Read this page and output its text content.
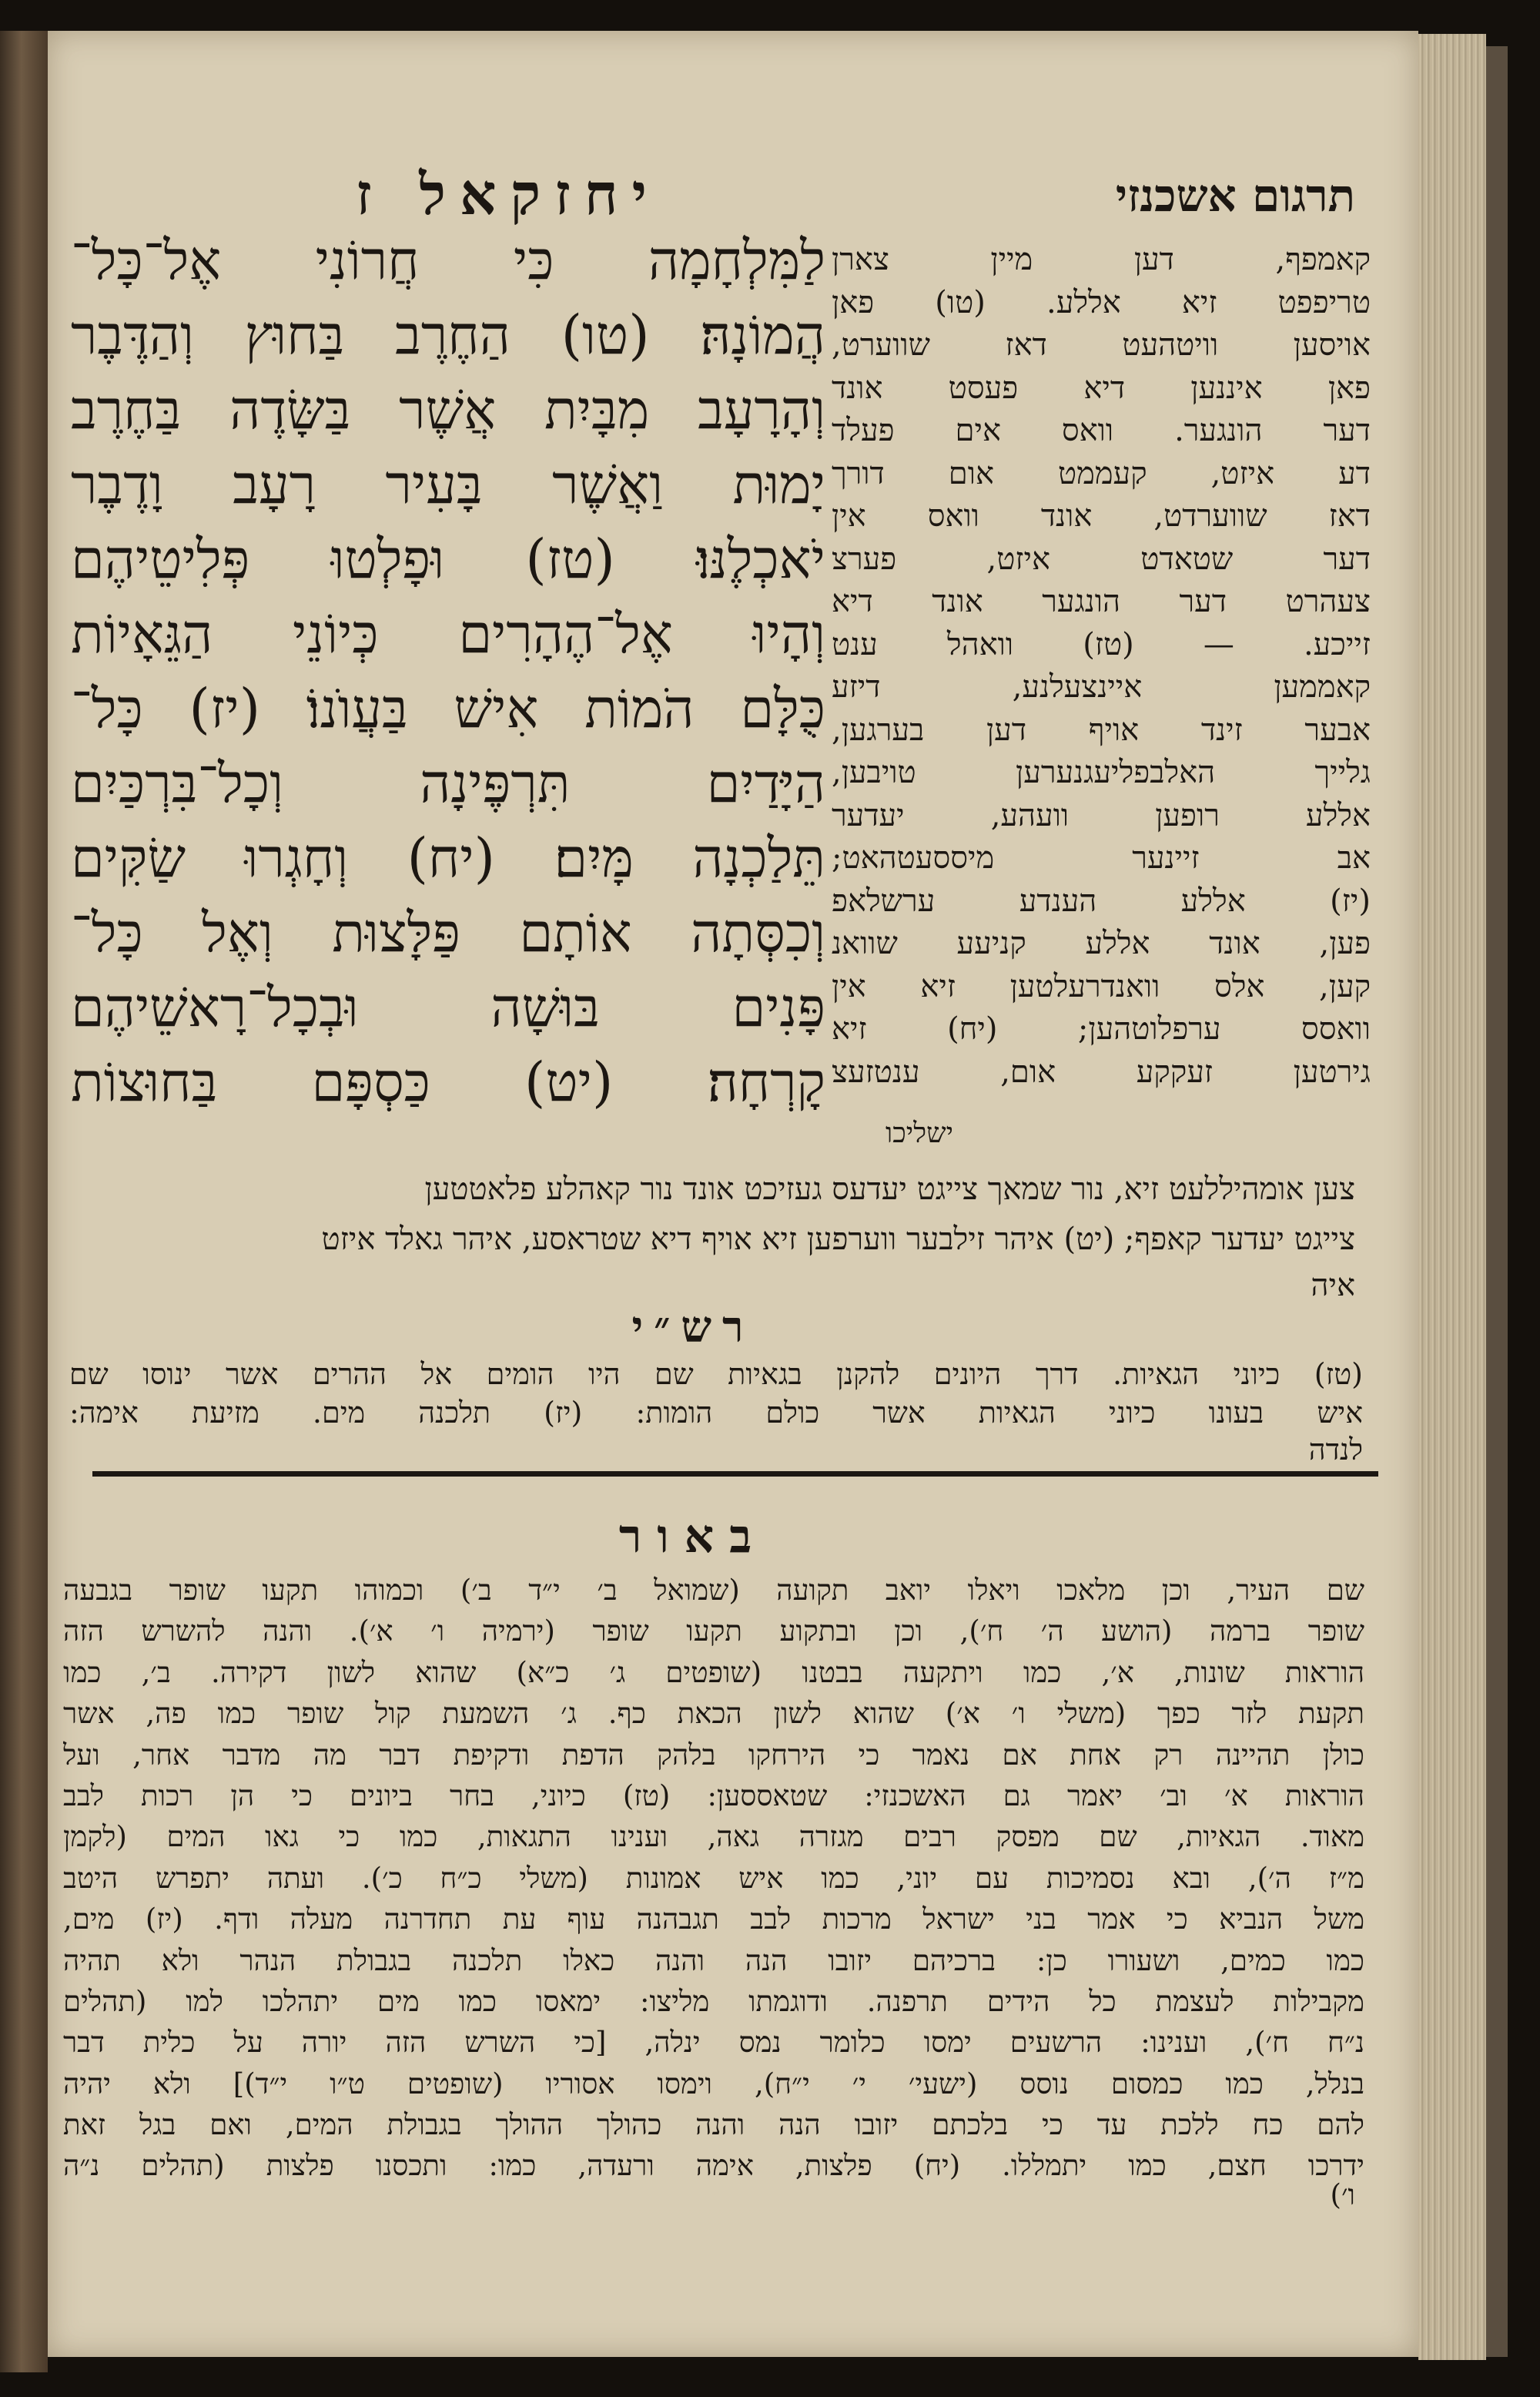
תרגום אשכנזי
יחזקאל ז
לַמִּלְחָמָה כִּי חֲרוֹנִי אֶל־כָּל־
הֲמוֹנָהּ׃ (טו) הַחֶרֶב בַּחוּץ וְהַדֶּבֶר
וְהָרָעָב מִבָּיִת אֲשֶׁר בַּשָּׂדֶה בַּחֶרֶב
יָמוּת וַאֲשֶׁר בָּעִיר רָעָב וָדֶבֶר
יֹאכְלֶנּוּ׃ (טז) וּפָלְטוּ פְּלִיטֵיהֶם
וְהָיוּ אֶל־הֶהָרִים כְּיוֹנֵי הַגֵּאָיוֹת
כֻּלָּם הֹמוֹת אִישׁ בַּעֲוֺנוֹ׃ (יז) כָּל־
הַיָּדַיִם תִּרְפֶּינָה וְכָל־בִּרְכַּיִם
תֵּלַכְנָה מָּיִם׃ (יח) וְחָגְרוּ שַׂקִּים
וְכִסְּתָה אוֹתָם פַּלָּצוּת וְאֶל כָּל־
פָּנִים בּוּשָׁה וּבְכָל־רָאשֵׁיהֶם
קָרְחָה׃ (יט) כַּסְפָּם בַּחוּצוֹת
קאמפף, דען מיין צארן
טריפפט זיא אללע. (טו) פאן
אויסען וויטהעט דאז שווערט,
פאן איננען דיא פעסט אונד
דער הונגער. וואס אים פעלד
דע איזט, קעממט אום דורך
דאז שווערדט, אונד וואס אין
דער שטאדט איזט, פערצ
צעהרט דער הונגער אונד דיא
זייכע. — (טז) וואהל ענט
קאממען איינצעלנע, דיזע
אבער זינד אויף דען בערגען,
גלייך האלבפליעגנערען טויבען,
אללע רופען וועהע, יעדער
אב זיינער מיססעטהאט;
(יז) אללע הענדע ערשלאפ
פען, אונד אללע קניעע שוואנ
קען, אלס וואנדרעלטען זיא אין
וואסס ערפלוטהען; (יח) זיא
גירטען זעקקע אום, ענטזעצ
ישליכו
צען אומהיללעט זיא, נור שמאך צייגט יעדעס געזיכט אונד נור קאהלע פלאטטען
צייגט יעדער קאפף; (יט) איהר זילבער ווערפען זיא אויף דיא שטראסע, איהר גאלד איזט
איה
רש״י
(טז) כיוני הגאיות. דרך היונים להקנן בגאיות שם היו הומים אל ההרים אשר ינוסו שם
איש בעונו כיוני הגאיות אשר כולם הומות: (יז) תלכנה מים. מזיעת אימה:
לנדה
באור
שם העיר, וכן מלאכו ויאלו יואב תקועה (שמואל ב׳ י״ד ב׳) וכמוהו תקעו שופר בגבעה
שופר ברמה (הושע ה׳ ח׳), וכן ובתקוע תקעו שופר (ירמיה ו׳ א׳). והנה להשרש הזה
הוראות שונות, א׳, כמו ויתקעה בבטנו (שופטים ג׳ כ״א) שהוא לשון דקירה. ב׳, כמו
תקעת לזר כפך (משלי ו׳ א׳) שהוא לשון הכאת כף. ג׳ השמעת קול שופר כמו פה, אשר
כולן תהיינה רק אחת אם נאמר כי הירחקו בלהק הדפת ודקיפת דבר מה מדבר אחר, ועל
הוראות א׳ וב׳ יאמר גם האשכנזי: שטאססען: (טז) כיוני, בחר ביונים כי הן רכות לבב
מאוד. הגאיות, שם מפסק רבים מגזרה גאה, וענינו התגאות, כמו כי גאו המים (לקמן
מ״ז ה׳), ובא נסמיכות עם יוני, כמו איש אמונות (משלי כ״ח כ׳). ועתה יתפרש היטב
משל הנביא כי אמר בני ישראל מרכות לבב תגבהנה עוף עת תחדרנה מעלה ודף. (יז) מים,
כמו כמים, ושעורו כן: ברכיהם יזובו הנה והנה כאלו תלכנה בגבולת הנהר ולא תהיה
מקבילות לעצמת כל הידים תרפנה. ודוגמתו מליצו: ימאסו כמו מים יתהלכו למו (תהלים
נ״ח ח׳), וענינו: הרשעים ימסו כלומר נמס ינלה, [כי השרש הזה יורה על כלית דבר
בנלל, כמו כמסום נוסס (ישעי׳ י׳ י״ח), וימסו אסוריו (שופטים ט״ו י״ד)] ולא יהיה
להם כח ללכת עד כי בלכתם יזובו הנה והנה כהולך ההולך בגבולת המים, ואם בגל זאת
ידרכו חצם, כמו יתמללו. (יח) פלצות, אימה ורעדה, כמו: ותכסנו פלצות (תהלים נ״ה
ו׳)
